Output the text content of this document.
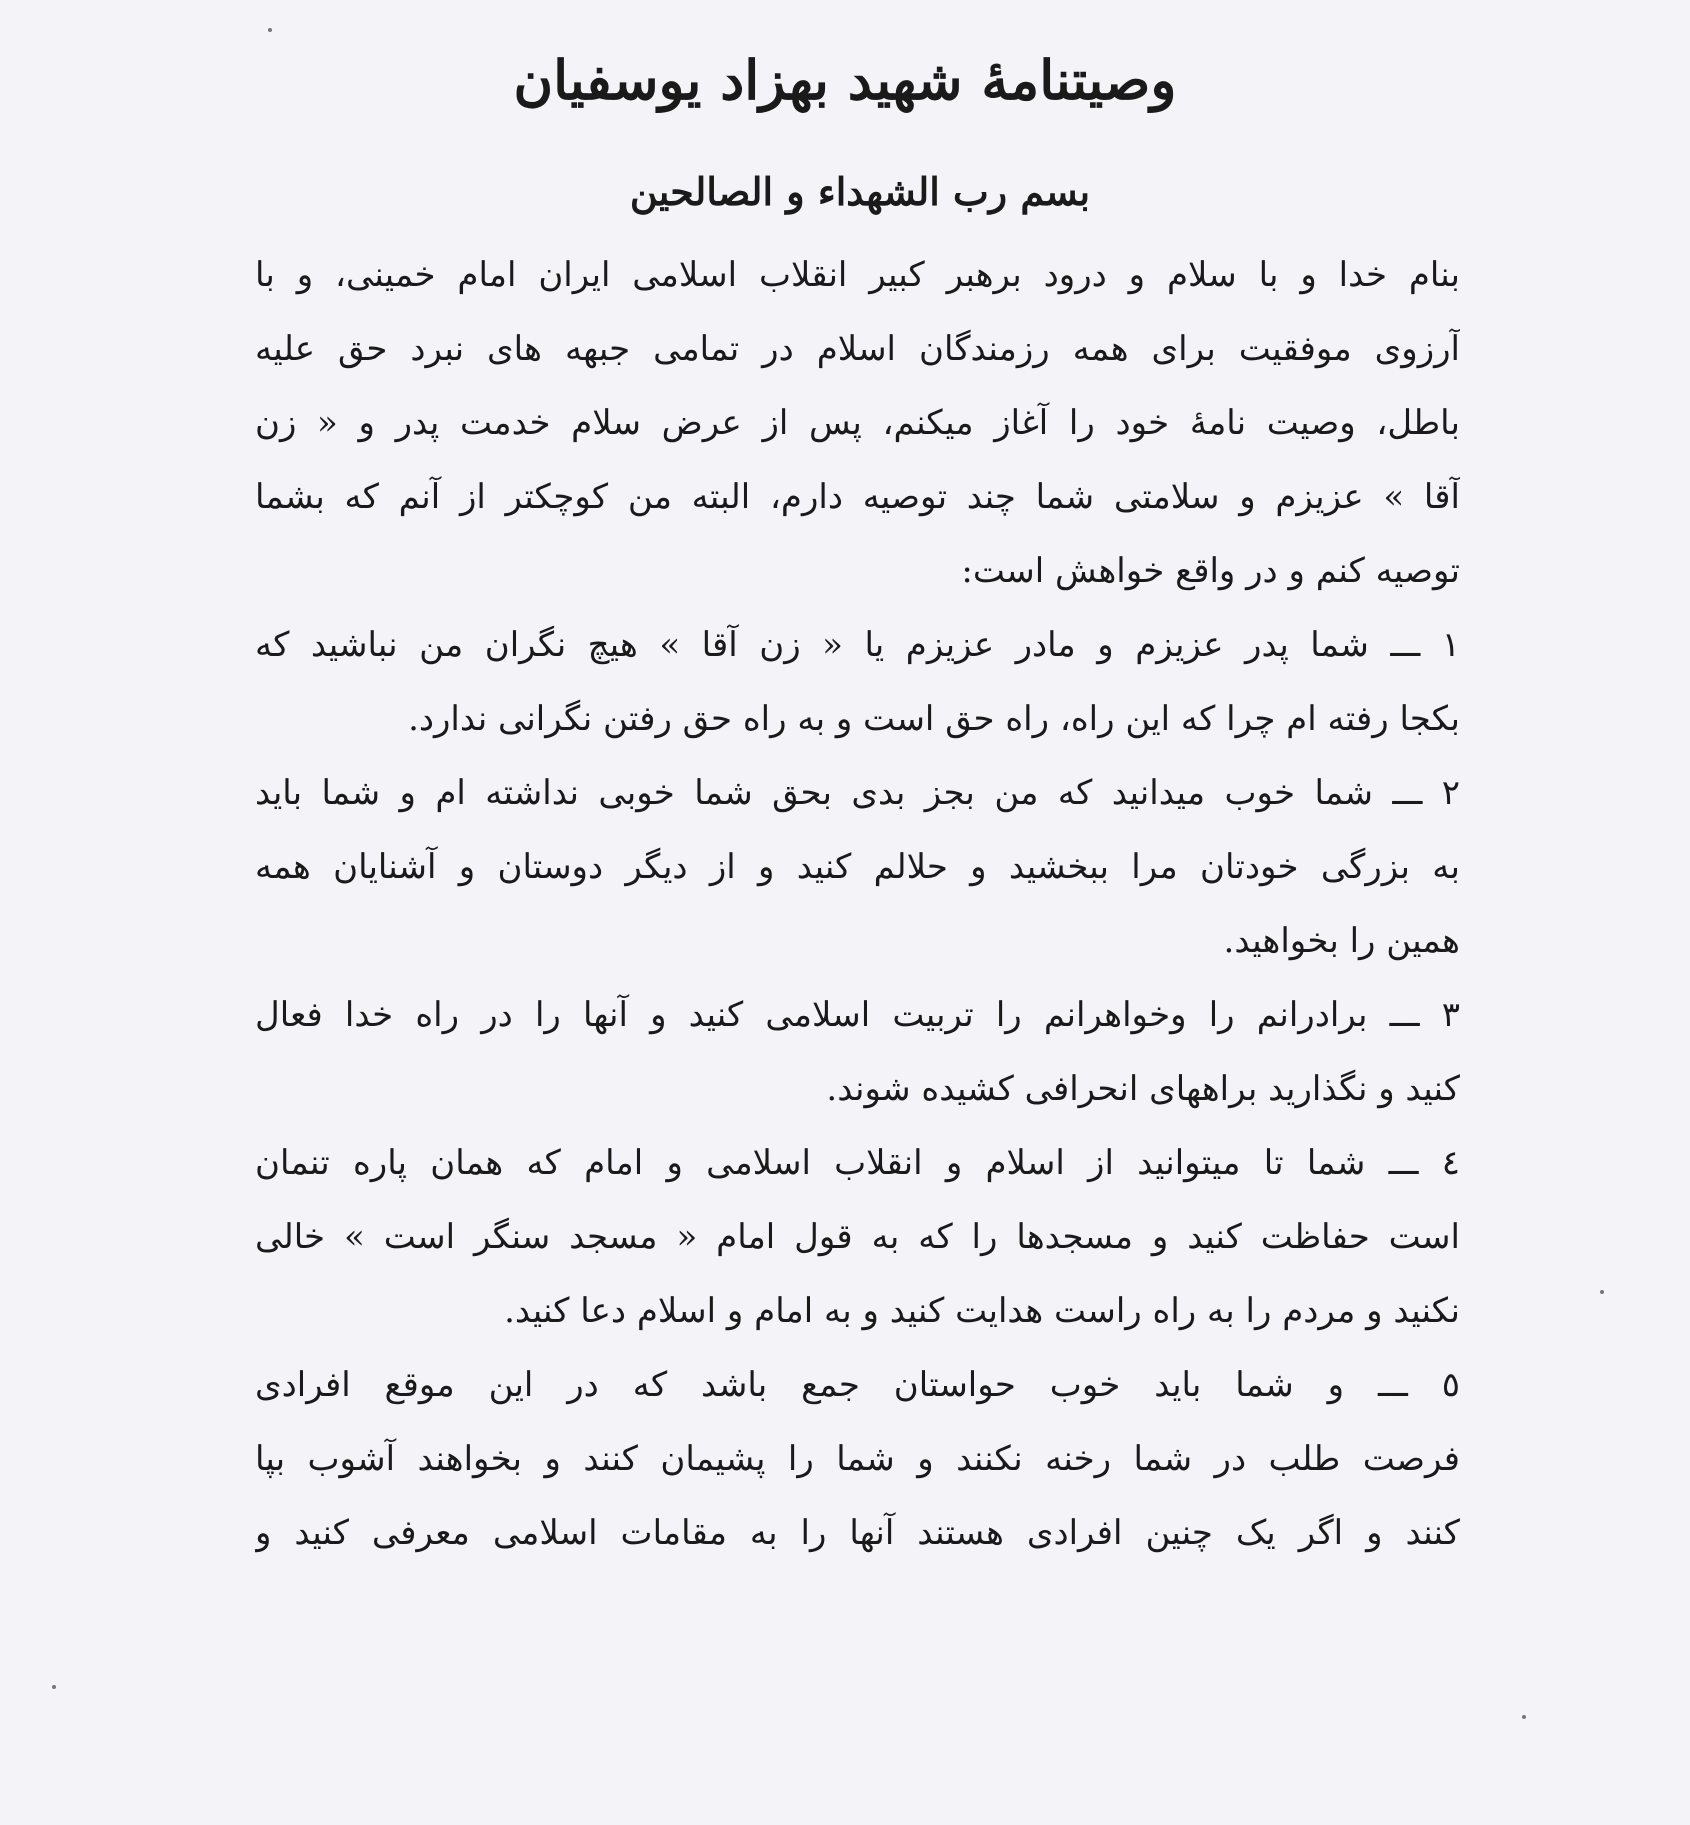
وصیتنامۀ شهید بهزاد یوسفیان
بسم رب الشهداء و الصالحین
بنام خدا و با سلام و درود برهبر کبیر انقلاب اسلامی ایران امام خمینی، و با
آرزوی موفقیت برای همه رزمندگان اسلام در تمامی جبهه های نبرد حق علیه
باطل، وصیت نامۀ خود را آغاز میکنم، پس از عرض سلام خدمت پدر و « زن
آقا » عزیزم و سلامتی شما چند توصیه دارم، البته من کوچکتر از آنم که بشما
توصیه کنم و در واقع خواهش است:
١ ـــ شما پدر عزیزم و مادر عزیزم یا « زن آقا » هیچ نگران من نباشید که
بکجا رفته ام چرا که این راه، راه حق است و به راه حق رفتن نگرانی ندارد.
٢ ـــ شما خوب میدانید که من بجز بدی بحق شما خوبی نداشته ام و شما باید
به بزرگی خودتان مرا ببخشید و حلالم کنید و از دیگر دوستان و آشنایان همه
همین را بخواهید.
٣ ـــ برادرانم را وخواهرانم را تربیت اسلامی کنید و آنها را در راه خدا فعال
کنید و نگذارید براههای انحرافی کشیده شوند.
٤ ـــ شما تا میتوانید از اسلام و انقلاب اسلامی و امام که همان پاره تنمان
است حفاظت کنید و مسجدها را که به قول امام « مسجد سنگر است » خالی
نکنید و مردم را به راه راست هدایت کنید و به امام و اسلام دعا کنید.
٥ ـــ و شما باید خوب حواستان جمع باشد که در این موقع افرادی
فرصت طلب در شما رخنه نکنند و شما را پشیمان کنند و بخواهند آشوب بپا
کنند و اگر یک چنین افرادی هستند آنها را به مقامات اسلامی معرفی کنید و
